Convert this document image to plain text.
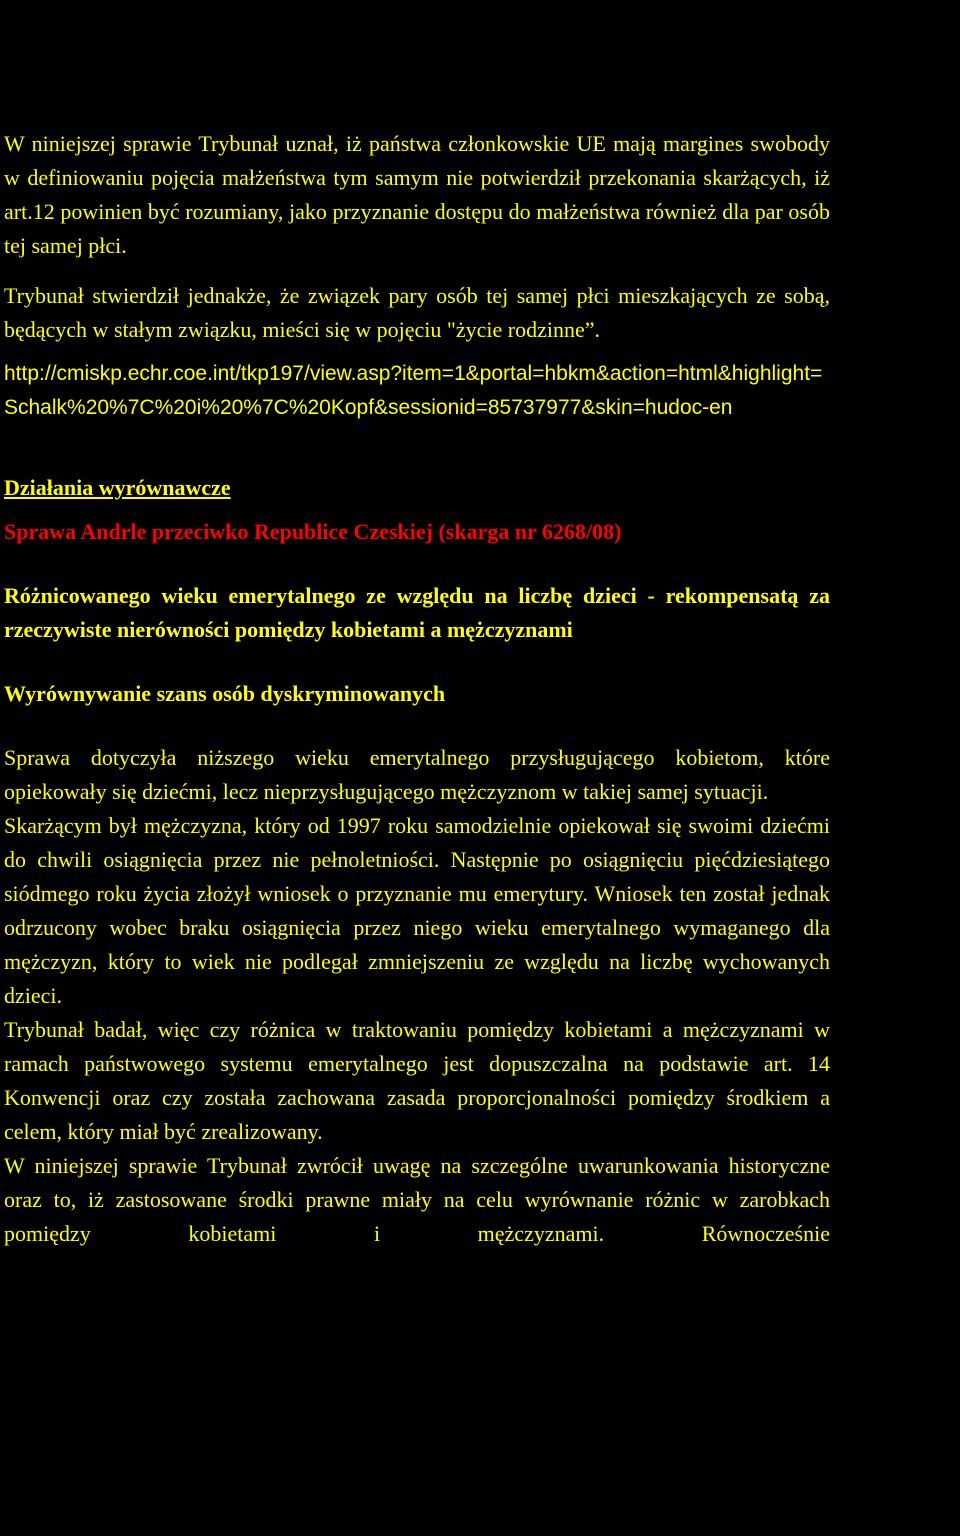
W niniejszej sprawie Trybunał uznał, iż państwa członkowskie UE mają margines swobody w definiowaniu pojęcia małżeństwa tym samym nie potwierdził przekonania skarżących, iż art.12 powinien być rozumiany, jako przyznanie dostępu do małżeństwa również dla par osób tej samej płci.

Trybunał stwierdził jednakże, że związek pary osób tej samej płci mieszkających ze sobą, będących w stałym związku, mieści się w pojęciu "życie rodzinne”.

http://cmiskp.echr.coe.int/tkp197/view.asp?item=1&portal=hbkm&action=html&highlight=Schalk%20%7C%20i%20%7C%20Kopf&sessionid=85737977&skin=hudoc-en

Działania wyrównawcze

Sprawa Andrle przeciwko Republice Czeskiej (skarga nr 6268/08)

Różnicowanego wieku emerytalnego ze względu na liczbę dzieci - rekompensatą za rzeczywiste nierówności pomiędzy kobietami a mężczyznami

Wyrównywanie szans osób dyskryminowanych

Sprawa dotyczyła niższego wieku emerytalnego przysługującego kobietom, które opiekowały się dziećmi, lecz nieprzysługującego mężczyznom w takiej samej sytuacji.

Skarżącym był mężczyzna, który od 1997 roku samodzielnie opiekował się swoimi dziećmi do chwili osiągnięcia przez nie pełnoletniości. Następnie po osiągnięciu pięćdziesiątego siódmego roku życia złożył wniosek o przyznanie mu emerytury. Wniosek ten został jednak odrzucony wobec braku osiągnięcia przez niego wieku emerytalnego wymaganego dla mężczyzn, który to wiek nie podlegał zmniejszeniu ze względu na liczbę wychowanych dzieci.

Trybunał badał, więc czy różnica w traktowaniu pomiędzy kobietami a mężczyznami w ramach państwowego systemu emerytalnego jest dopuszczalna na podstawie art. 14 Konwencji oraz czy została zachowana zasada proporcjonalności pomiędzy środkiem a celem, który miał być zrealizowany.

W niniejszej sprawie Trybunał zwrócił uwagę na szczególne uwarunkowania historyczne oraz to, iż zastosowane środki prawne miały na celu wyrównanie różnic w zarobkach pomiędzy kobietami i mężczyznami. Równocześnie
